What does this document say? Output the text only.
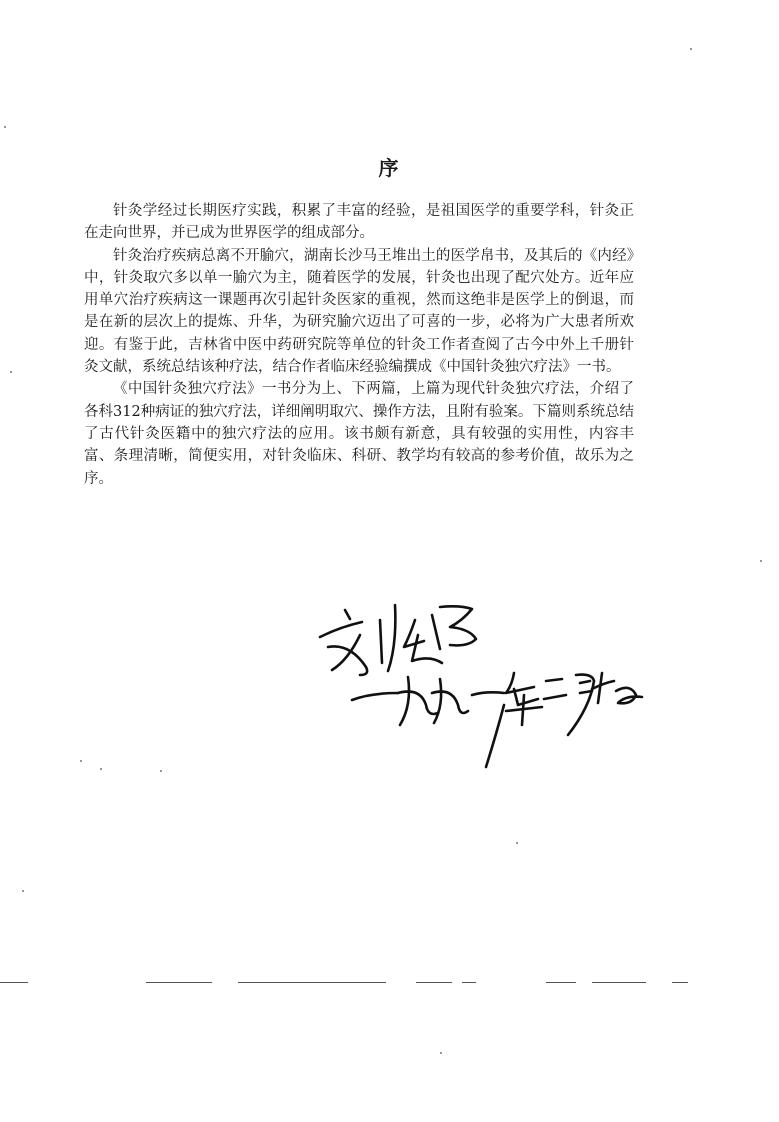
序

针灸学经过长期医疗实践，积累了丰富的经验，是祖国医学的重要学科，针灸正在走向世界，并已成为世界医学的组成部分。

针灸治疗疾病总离不开腧穴，湖南长沙马王堆出土的医学帛书，及其后的《内经》中，针灸取穴多以单一腧穴为主，随着医学的发展，针灸也出现了配穴处方。近年应用单穴治疗疾病这一课题再次引起针灸医家的重视，然而这绝非是医学上的倒退，而是在新的层次上的提炼、升华，为研究腧穴迈出了可喜的一步，必将为广大患者所欢迎。有鉴于此，吉林省中医中药研究院等单位的针灸工作者查阅了古今中外上千册针灸文献，系统总结该种疗法，结合作者临床经验编撰成《中国针灸独穴疗法》一书。

《中国针灸独穴疗法》一书分为上、下两篇，上篇为现代针灸独穴疗法，介绍了各科312种病证的独穴疗法，详细阐明取穴、操作方法，且附有验案。下篇则系统总结了古代针灸医籍中的独穴疗法的应用。该书颇有新意，具有较强的实用性，内容丰富、条理清晰，简便实用，对针灸临床、科研、教学均有较高的参考价值，故乐为之序。
